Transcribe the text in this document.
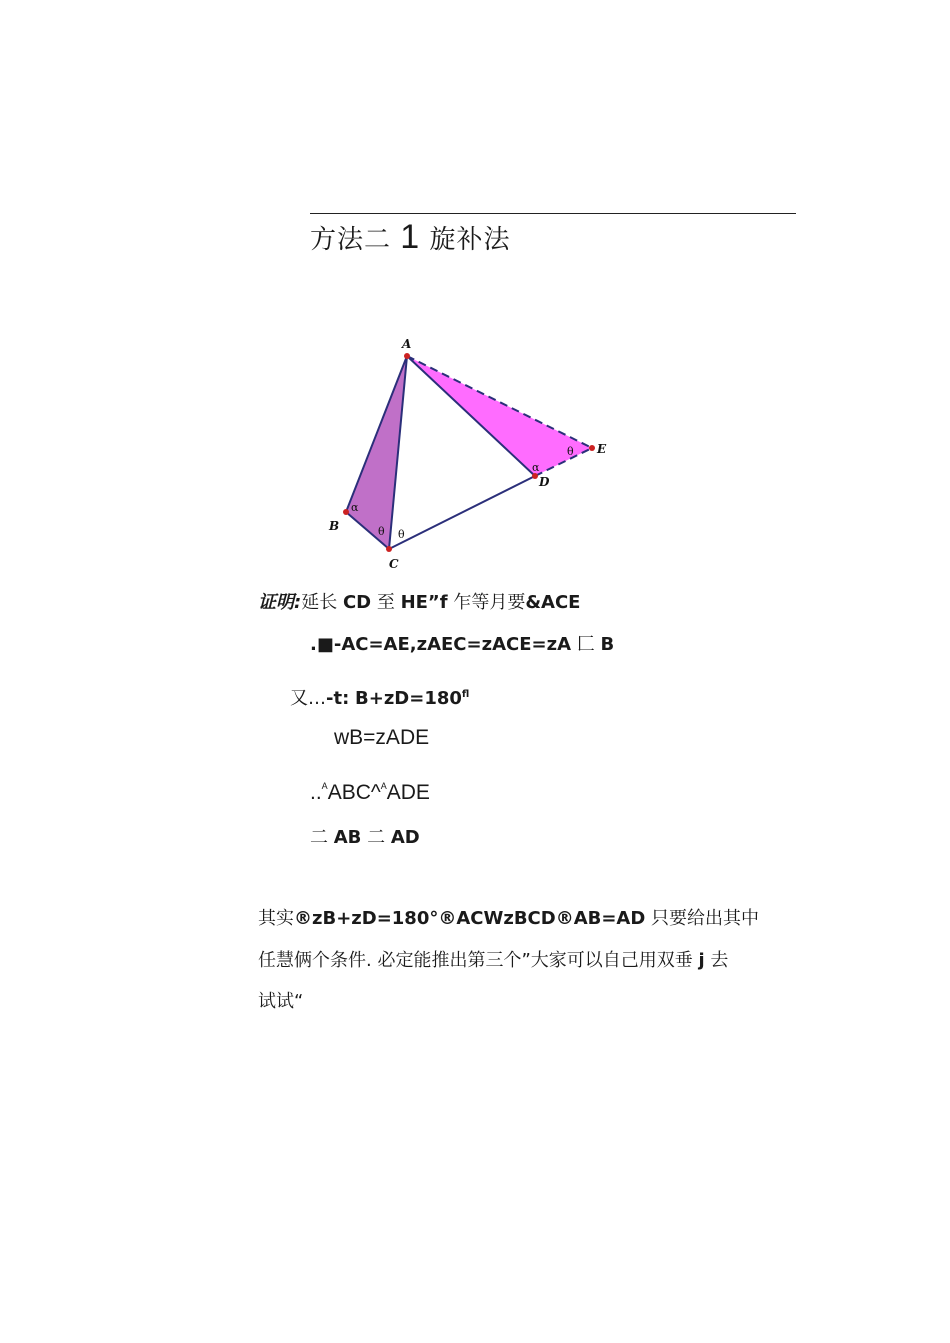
方法二 1 旋补法
A
B
C
D
E
α
θ θ
α
θ
证明:延长 CD 至 HE”f 乍等月要&ACE
.■-AC=AE,zAEC=zACE=zA 匚 B
又…-t: $B+zD=180^{fl}$
wB=zADE
..$^A$ABC^$^A$ADE
二 AB 二 AD
其实®zB+zD=180°®ACWzBCD®AB=AD 只要给出其中
任慧俩个条件. 必定能推出第三个”大家可以自己用双垂 j 去
试试“
